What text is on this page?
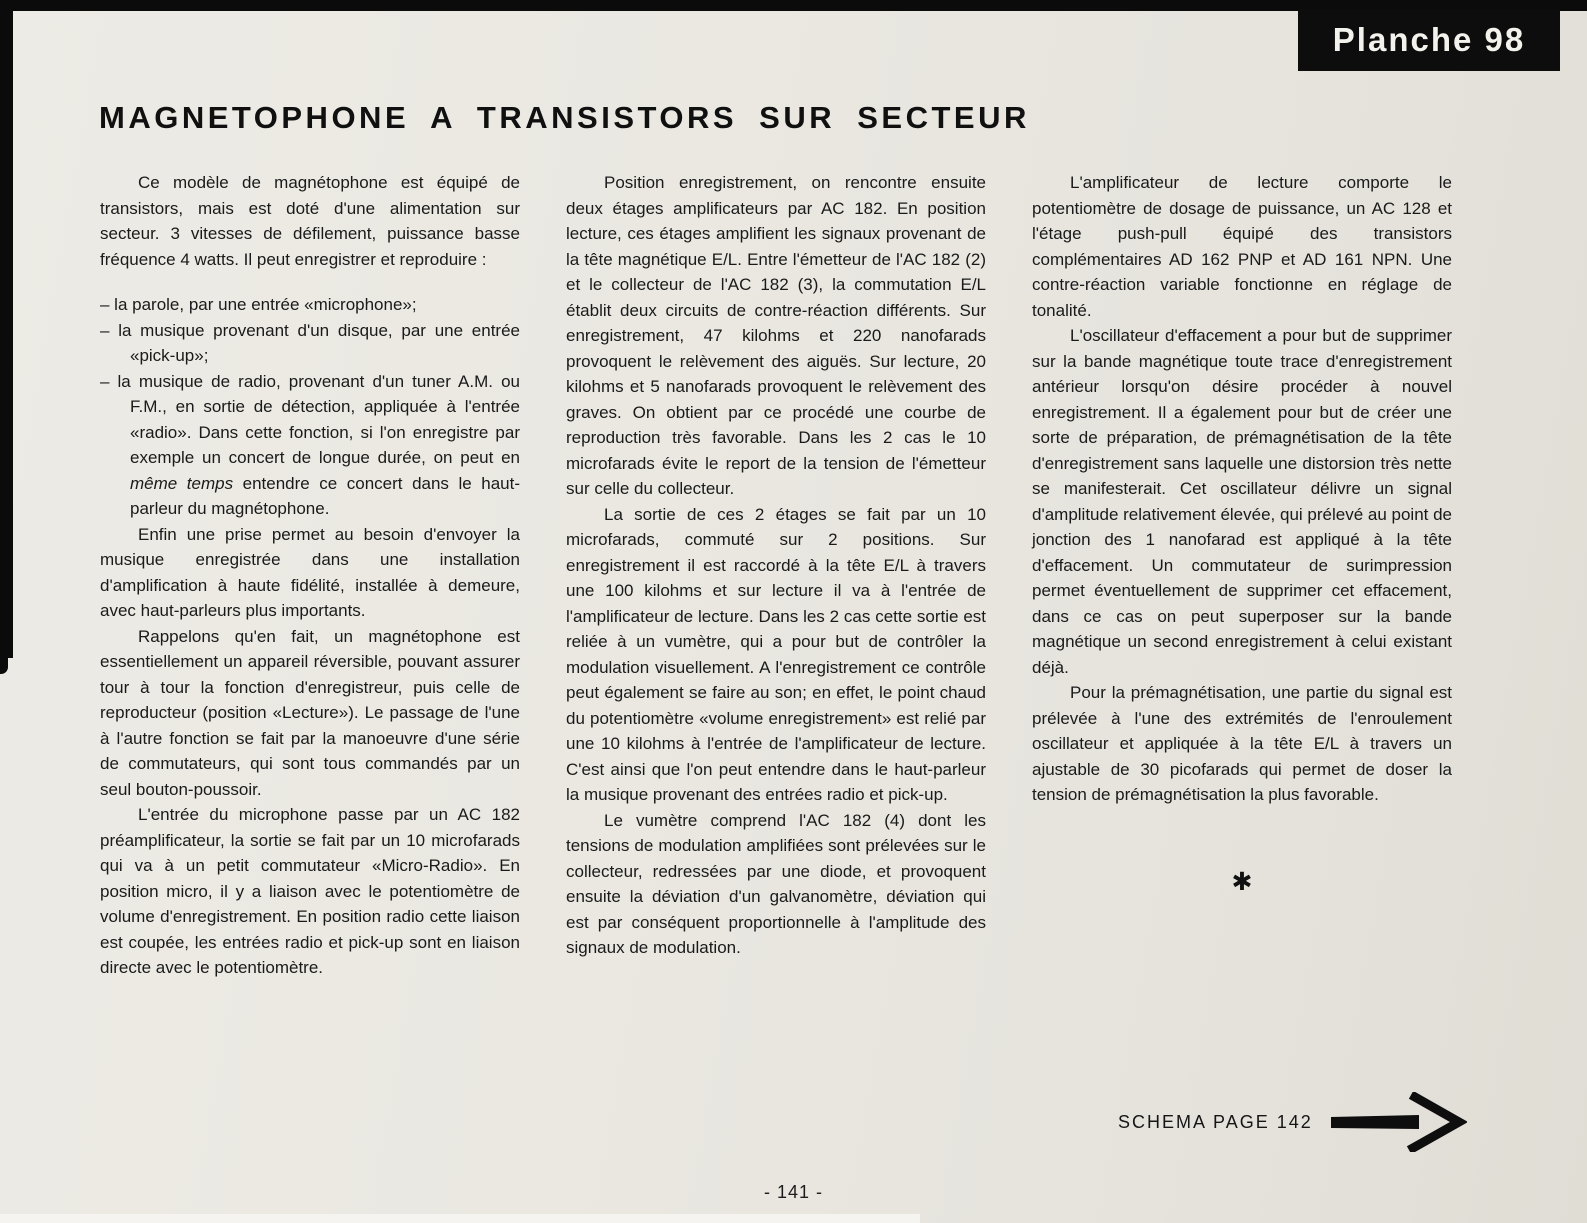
Planche 98
MAGNETOPHONE A TRANSISTORS SUR SECTEUR

Ce modèle de magnétophone est équipé de transistors, mais est doté d'une alimentation sur secteur. 3 vitesses de défilement, puissance basse fréquence 4 watts. Il peut enregistrer et reproduire :

– la parole, par une entrée «microphone»;

– la musique provenant d'un disque, par une entrée «pick-up»;

– la musique de radio, provenant d'un tuner A.M. ou F.M., en sortie de détection, appliquée à l'entrée «radio». Dans cette fonction, si l'on enregistre par exemple un concert de longue durée, on peut en même temps entendre ce concert dans le haut-parleur du magnétophone.

Enfin une prise permet au besoin d'envoyer la musique enregistrée dans une installation d'amplification à haute fidélité, installée à demeure, avec haut-parleurs plus importants.

Rappelons qu'en fait, un magnétophone est essentiellement un appareil réversible, pouvant assurer tour à tour la fonction d'enregistreur, puis celle de reproducteur (position «Lecture»). Le passage de l'une à l'autre fonction se fait par la manoeuvre d'une série de commutateurs, qui sont tous commandés par un seul bouton-poussoir.

L'entrée du microphone passe par un AC 182 préamplificateur, la sortie se fait par un 10 microfarads qui va à un petit commutateur «Micro-Radio». En position micro, il y a liaison avec le potentiomètre de volume d'enregistrement. En position radio cette liaison est coupée, les entrées radio et pick-up sont en liaison directe avec le potentiomètre.

Position enregistrement, on rencontre ensuite deux étages amplificateurs par AC 182. En position lecture, ces étages amplifient les signaux provenant de la tête magnétique E/L. Entre l'émetteur de l'AC 182 (2) et le collecteur de l'AC 182 (3), la commutation E/L établit deux circuits de contre-réaction différents. Sur enregistrement, 47 kilohms et 220 nanofarads provoquent le relèvement des aiguës. Sur lecture, 20 kilohms et 5 nanofarads provoquent le relèvement des graves. On obtient par ce procédé une courbe de reproduction très favorable. Dans les 2 cas le 10 microfarads évite le report de la tension de l'émetteur sur celle du collecteur.

La sortie de ces 2 étages se fait par un 10 microfarads, commuté sur 2 positions. Sur enregistrement il est raccordé à la tête E/L à travers une 100 kilohms et sur lecture il va à l'entrée de l'amplificateur de lecture. Dans les 2 cas cette sortie est reliée à un vumètre, qui a pour but de contrôler la modulation visuellement. A l'enregistrement ce contrôle peut également se faire au son; en effet, le point chaud du potentiomètre «volume enregistrement» est relié par une 10 kilohms à l'entrée de l'amplificateur de lecture. C'est ainsi que l'on peut entendre dans le haut-parleur la musique provenant des entrées radio et pick-up.

Le vumètre comprend l'AC 182 (4) dont les tensions de modulation amplifiées sont prélevées sur le collecteur, redressées par une diode, et provoquent ensuite la déviation d'un galvanomètre, déviation qui est par conséquent proportionnelle à l'amplitude des signaux de modulation.

L'amplificateur de lecture comporte le potentiomètre de dosage de puissance, un AC 128 et l'étage push-pull équipé des transistors complémentaires AD 162 PNP et AD 161 NPN. Une contre-réaction variable fonctionne en réglage de tonalité.

L'oscillateur d'effacement a pour but de supprimer sur la bande magnétique toute trace d'enregistrement antérieur lorsqu'on désire procéder à nouvel enregistrement. Il a également pour but de créer une sorte de préparation, de prémagnétisation de la tête d'enregistrement sans laquelle une distorsion très nette se manifesterait. Cet oscillateur délivre un signal d'amplitude relativement élevée, qui prélevé au point de jonction des 1 nanofarad est appliqué à la tête d'effacement. Un commutateur de surimpression permet éventuellement de supprimer cet effacement, dans ce cas on peut superposer sur la bande magnétique un second enregistrement à celui existant déjà.

Pour la prémagnétisation, une partie du signal est prélevée à l'une des extrémités de l'enroulement oscillateur et appliquée à la tête E/L à travers un ajustable de 30 picofarads qui permet de doser la tension de prémagnétisation la plus favorable.

✱
SCHEMA PAGE 142
- 141 -
